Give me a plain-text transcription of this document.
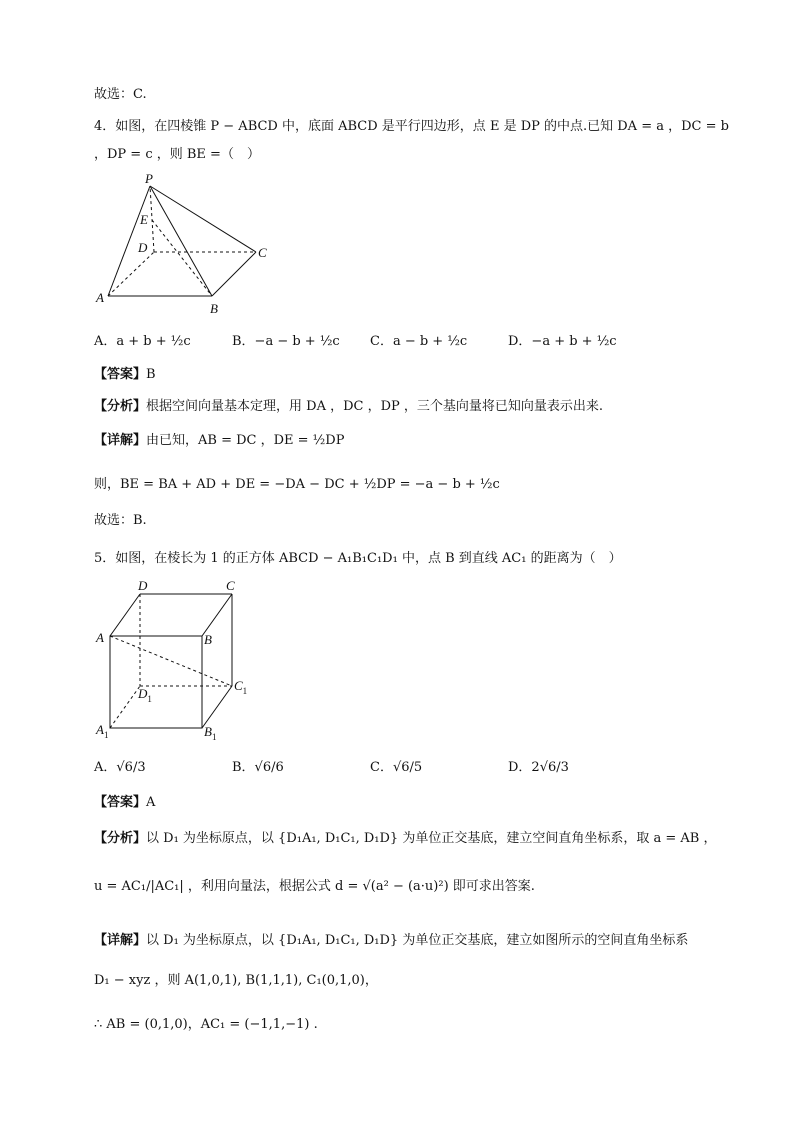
故选：C.
4．如图，在四棱锥 P − ABCD 中，底面 ABCD 是平行四边形，点 E 是 DP 的中点.已知 DA = a ，DC = b
，DP = c ，则 BE =（　）
P
E
D	C
A
B
A．a + b + ½c	B．−a − b + ½c C．a − b + ½c	D．−a + b + ½c
【答案】B
【分析】根据空间向量基本定理，用 DA ，DC ，DP ，三个基向量将已知向量表示出来.
【详解】由已知，AB = DC ，DE = ½DP
则，BE = BA + AD + DE = −DA − DC + ½DP = −a − b + ½c
故选：B.
5．如图，在棱长为 1 的正方体 ABCD − A₁B₁C₁D₁ 中，点 B 到直线 AC₁ 的距离为（　）
D	C
A	B
$D_1$
$C_1$
$A_1$	$B_1$
A．√6/3	B．√6/6	C．√6/5	D．2√6/3
【答案】A
【分析】以 D₁ 为坐标原点，以 {D₁A₁, D₁C₁, D₁D} 为单位正交基底，建立空间直角坐标系，取 a = AB ，
u = AC₁/|AC₁| ，利用向量法，根据公式 d = √(a² − (a·u)²) 即可求出答案.
【详解】以 D₁ 为坐标原点，以 {D₁A₁, D₁C₁, D₁D} 为单位正交基底，建立如图所示的空间直角坐标系
D₁ − xyz ，则 A(1,0,1), B(1,1,1), C₁(0,1,0)，
∴ AB = (0,1,0)，AC₁ = (−1,1,−1) .
